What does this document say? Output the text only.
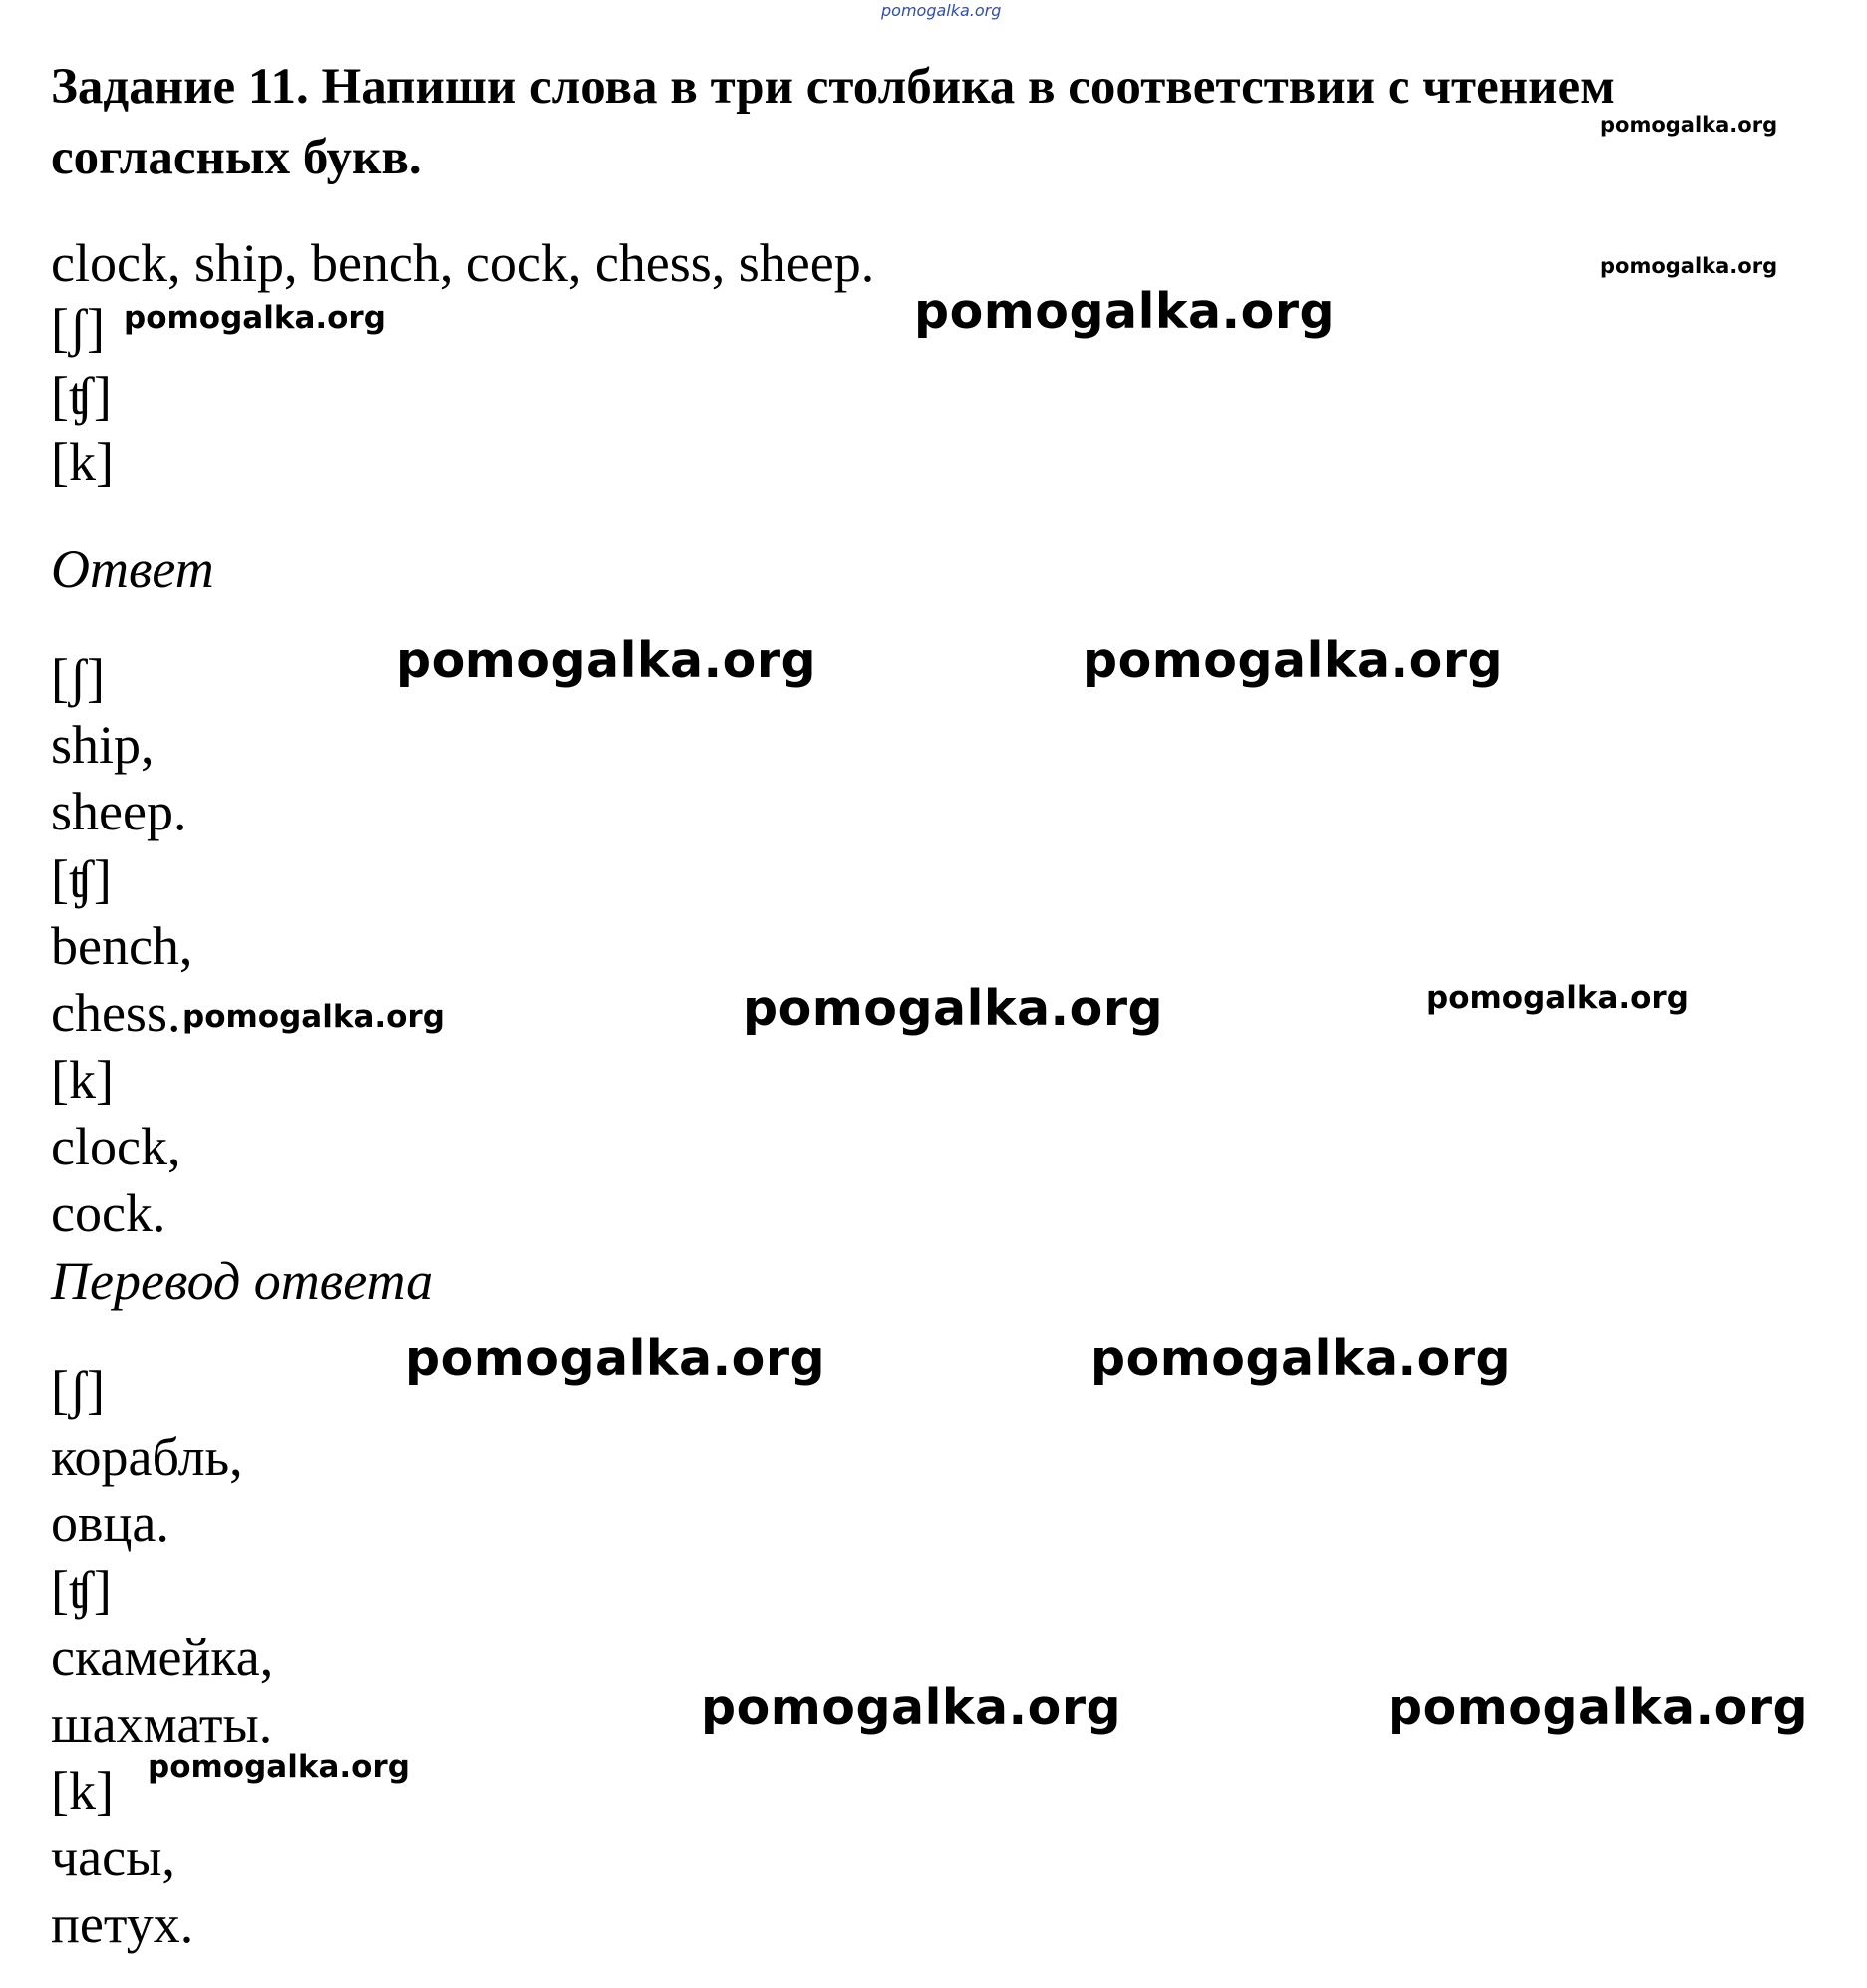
pomogalka.org
Задание 11. Напиши слова в три столбика в соответствии с чтением
согласных букв.
clock, ship, bench, cock, chess, sheep.
[ʃ]
[ʧ]
[k]
Ответ
[ʃ]
ship,
sheep.
[ʧ]
bench,
chess.
[k]
clock,
cock.
Перевод ответа
[ʃ]
корабль,
овца.
[ʧ]
скамейка,
шахматы.
[k]
часы,
петух.
pomogalka.org
pomogalka.org
pomogalka.org	pomogalka.org
pomogalka.org	pomogalka.org
pomogalka.org	pomogalka.org	pomogalka.org
pomogalka.org	pomogalka.org
pomogalka.org	pomogalka.org
pomogalka.org
